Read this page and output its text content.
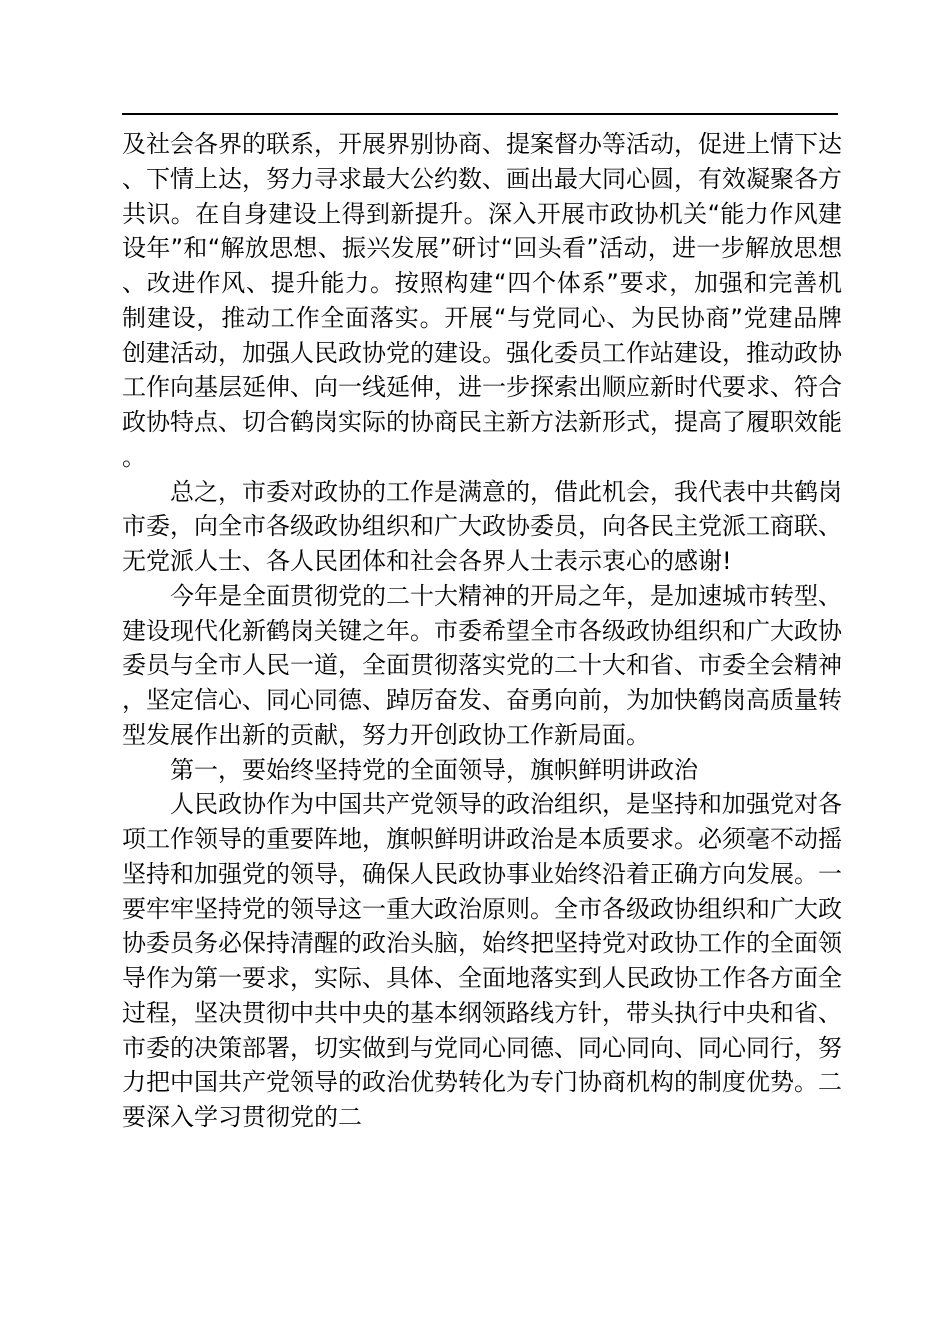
及社会各界的联系，开展界别协商、提案督办等活动，促进上情下达、下情上达，努力寻求最大公约数、画出最大同心圆，有效凝聚各方共识。在自身建设上得到新提升。深入开展市政协机关“能力作风建设年”和“解放思想、振兴发展”研讨“回头看”活动，进一步解放思想、改进作风、提升能力。按照构建“四个体系”要求，加强和完善机制建设，推动工作全面落实。开展“与党同心、为民协商”党建品牌创建活动，加强人民政协党的建设。强化委员工作站建设，推动政协工作向基层延伸、向一线延伸，进一步探索出顺应新时代要求、符合政协特点、切合鹤岗实际的协商民主新方法新形式，提高了履职效能。

总之，市委对政协的工作是满意的，借此机会，我代表中共鹤岗市委，向全市各级政协组织和广大政协委员，向各民主党派工商联、无党派人士、各人民团体和社会各界人士表示衷心的感谢!

今年是全面贯彻党的二十大精神的开局之年，是加速城市转型、建设现代化新鹤岗关键之年。市委希望全市各级政协组织和广大政协委员与全市人民一道，全面贯彻落实党的二十大和省、市委全会精神，坚定信心、同心同德、踔厉奋发、奋勇向前，为加快鹤岗高质量转型发展作出新的贡献，努力开创政协工作新局面。

第一，要始终坚持党的全面领导，旗帜鲜明讲政治

人民政协作为中国共产党领导的政治组织，是坚持和加强党对各项工作领导的重要阵地，旗帜鲜明讲政治是本质要求。必须毫不动摇坚持和加强党的领导，确保人民政协事业始终沿着正确方向发展。一要牢牢坚持党的领导这一重大政治原则。全市各级政协组织和广大政协委员务必保持清醒的政治头脑，始终把坚持党对政协工作的全面领导作为第一要求，实际、具体、全面地落实到人民政协工作各方面全过程，坚决贯彻中共中央的基本纲领路线方针，带头执行中央和省、市委的决策部署，切实做到与党同心同德、同心同向、同心同行，努力把中国共产党领导的政治优势转化为专门协商机构的制度优势。二要深入学习贯彻党的二
